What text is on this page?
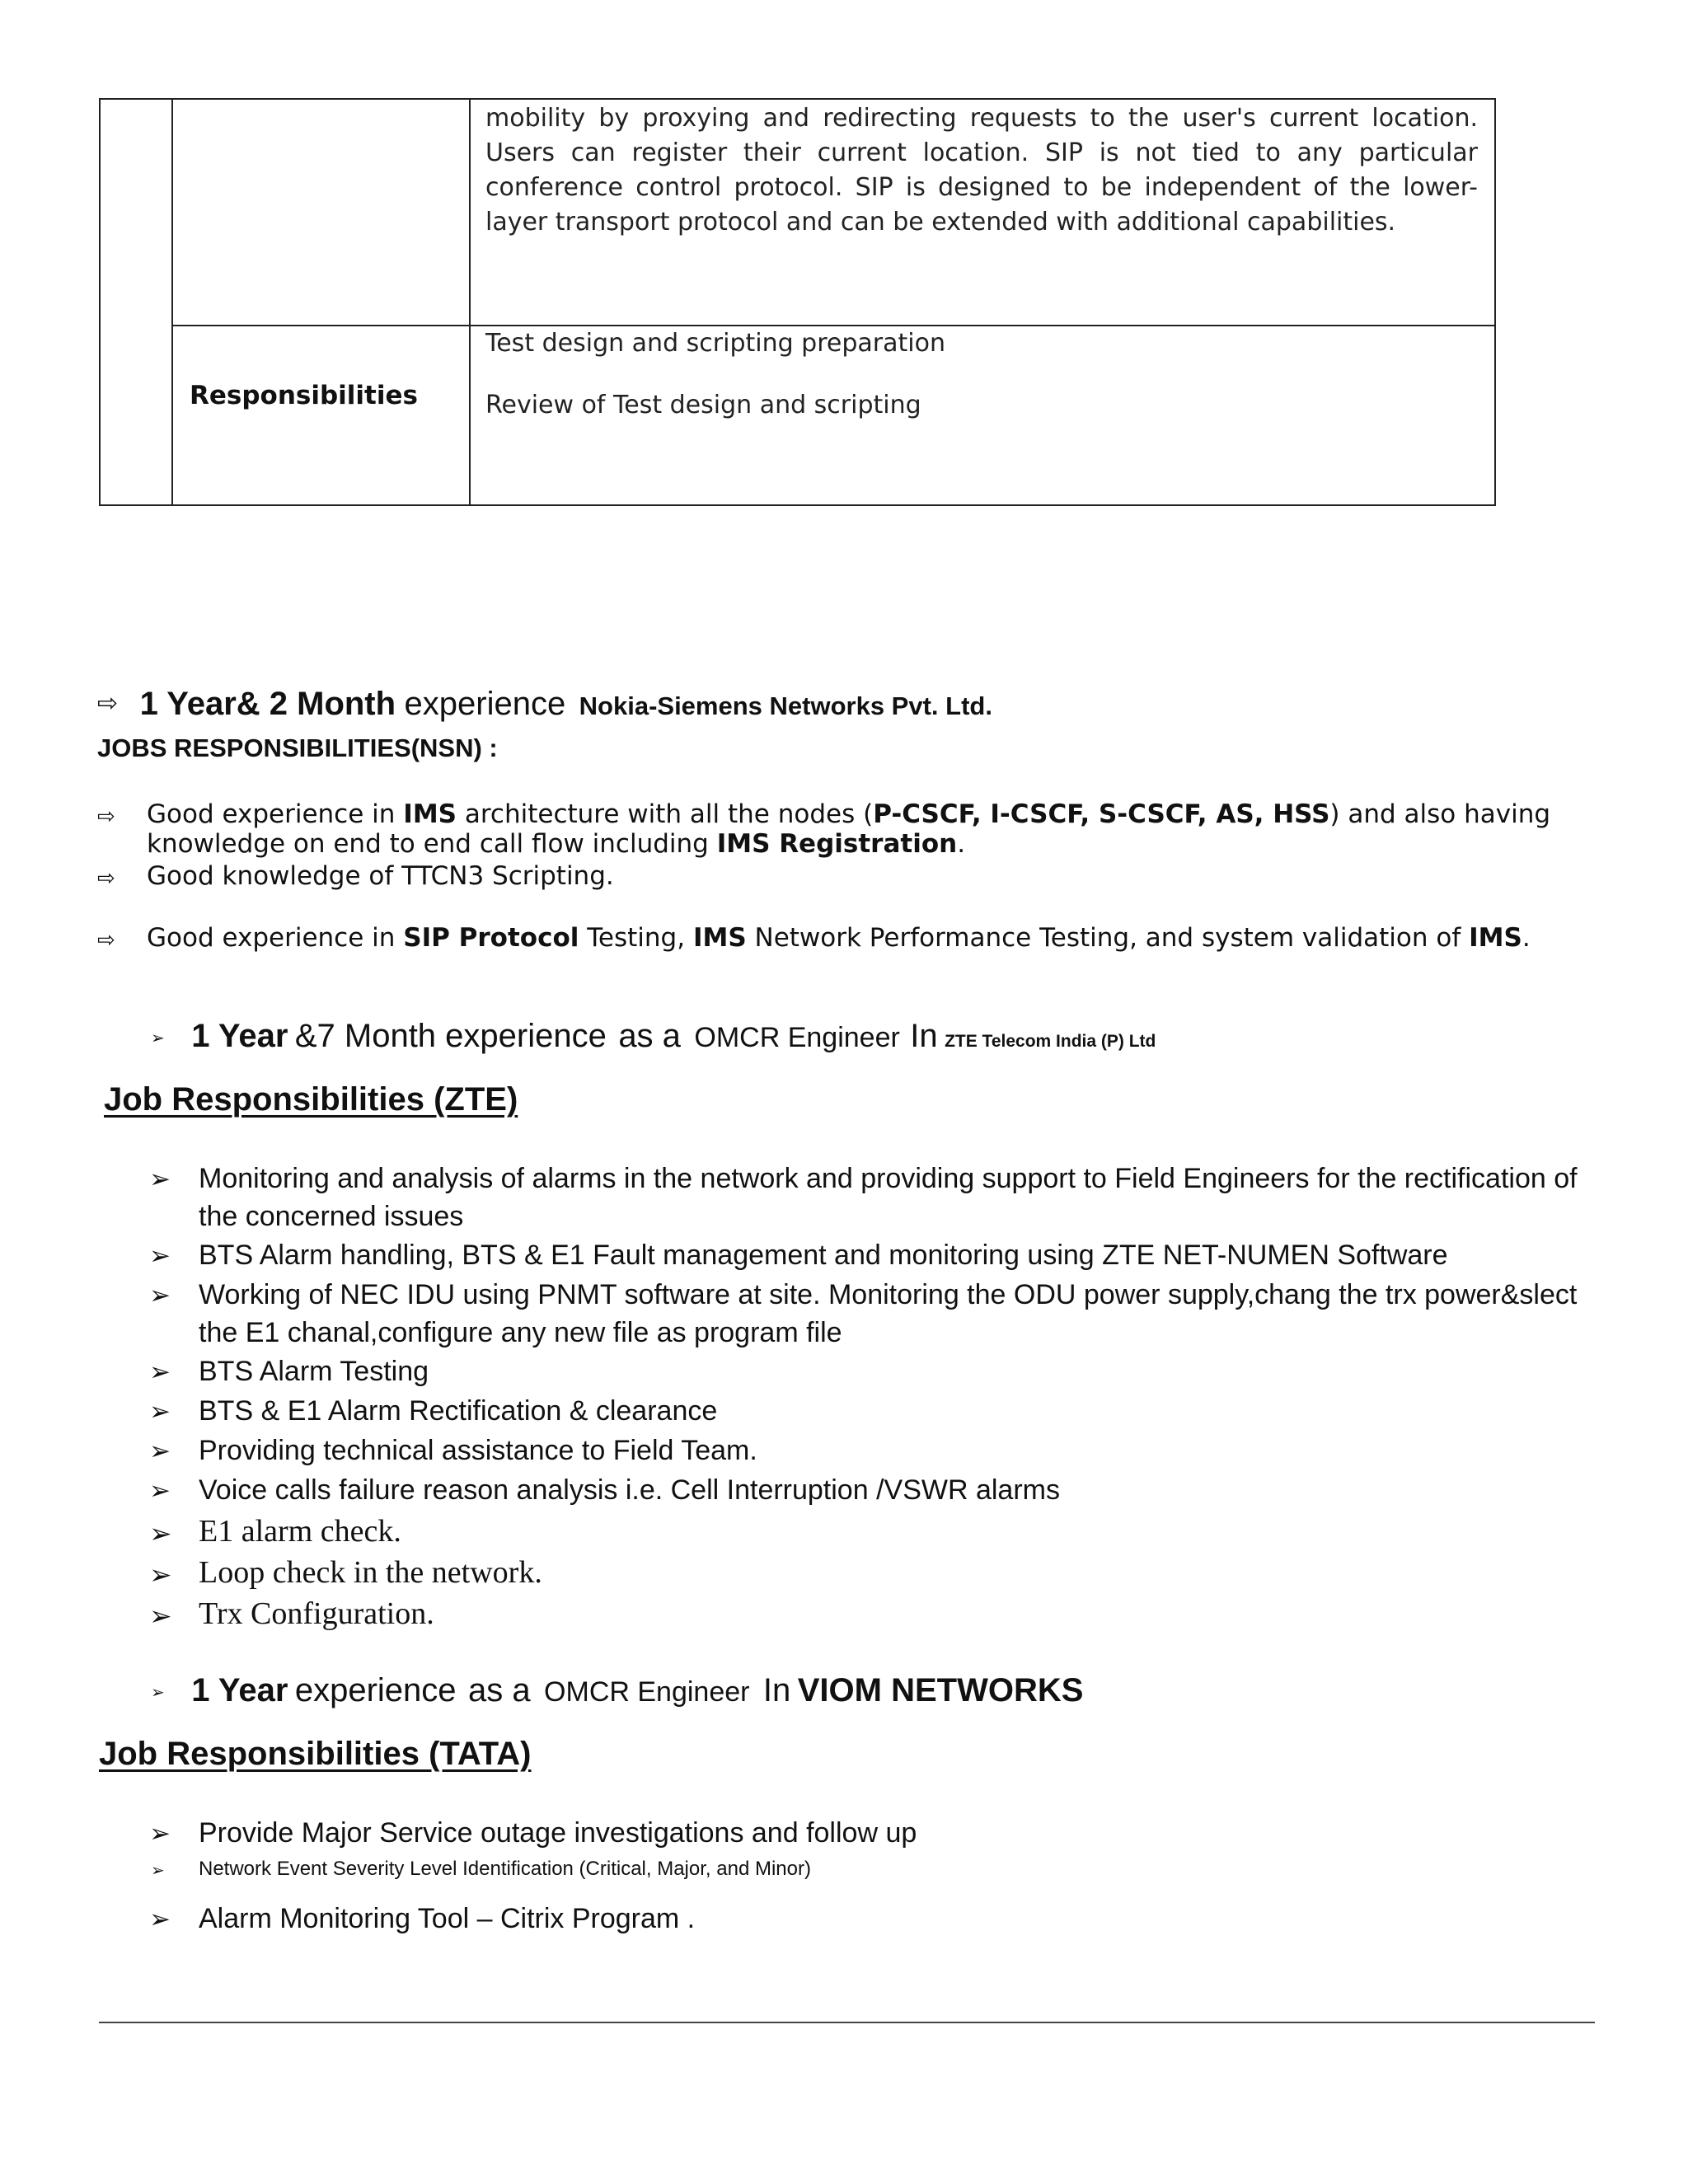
		mobility by proxying and redirecting requests to the user's current location.
Users can register their current location. SIP is not tied to any particular
conference control protocol. SIP is designed to be independent of the lower-
layer transport protocol and can be extended with additional capabilities.

	Responsibilities	Test design and scripting preparation
Review of Test design and scripting
⇨ 1 Year& 2 Month experience Nokia-Siemens Networks Pvt. Ltd.
JOBS RESPONSIBILITIES(NSN) :
⇨ Good experience in IMS architecture with all the nodes (P-CSCF, I-CSCF, S-CSCF, AS, HSS) and also having
knowledge on end to end call flow including IMS Registration.
⇨ Good knowledge of TTCN3 Scripting.
⇨ Good experience in SIP Protocol Testing, IMS Network Performance Testing, and system validation of IMS.
➢ 1 Year &7 Month experience as a OMCR Engineer In ZTE Telecom India (P) Ltd
Job Responsibilities (ZTE)
➢ Monitoring and analysis of alarms in the network and providing support to Field Engineers for the rectification of
the concerned issues
➢ BTS Alarm handling, BTS & E1 Fault management and monitoring using ZTE NET-NUMEN Software
➢ Working of NEC IDU using PNMT software at site. Monitoring the ODU power supply,chang the trx power&slect
the E1 chanal,configure any new file as program file
➢ BTS Alarm Testing
➢ BTS & E1 Alarm Rectification & clearance
➢ Providing technical assistance to Field Team.
➢ Voice calls failure reason analysis i.e. Cell Interruption /VSWR alarms
➢ E1 alarm check.
➢ Loop check in the network.
➢ Trx Configuration.
➢ 1 Year experience as a OMCR Engineer In VIOM NETWORKS
Job Responsibilities (TATA)
➢ Provide Major Service outage investigations and follow up
➢ Network Event Severity Level Identification (Critical, Major, and Minor)
➢ Alarm Monitoring Tool – Citrix Program .
